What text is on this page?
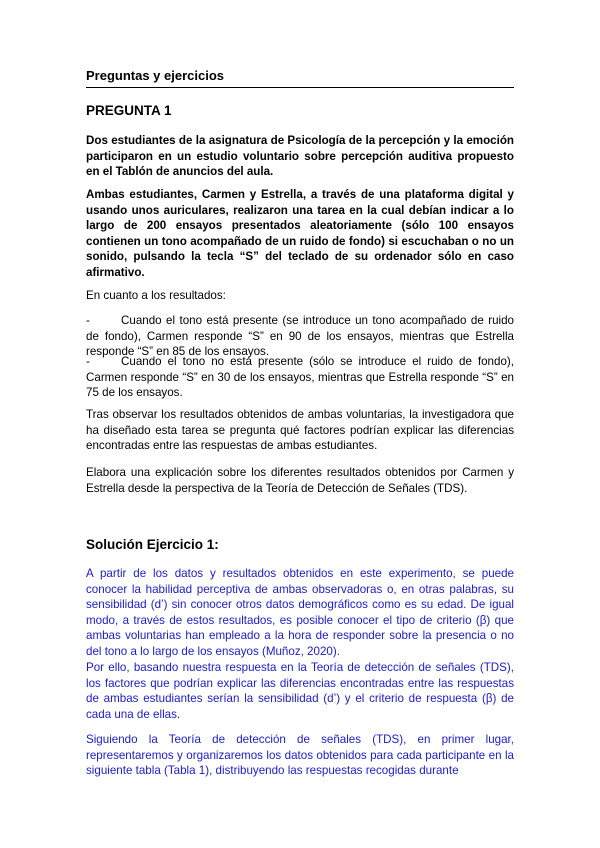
Preguntas y ejercicios
PREGUNTA 1
Dos estudiantes de la asignatura de Psicología de la percepción y la emoción participaron en un estudio voluntario sobre percepción auditiva propuesto en el Tablón de anuncios del aula.
Ambas estudiantes, Carmen y Estrella, a través de una plataforma digital y usando unos auriculares, realizaron una tarea en la cual debían indicar a lo largo de 200 ensayos presentados aleatoriamente (sólo 100 ensayos contienen un tono acompañado de un ruido de fondo) si escuchaban o no un sonido, pulsando la tecla “S” del teclado de su ordenador sólo en caso afirmativo.
En cuanto a los resultados:
-	Cuando el tono está presente (se introduce un tono acompañado de ruido de fondo), Carmen responde “S” en 90 de los ensayos, mientras que Estrella responde “S” en 85 de los ensayos.
-	Cuando el tono no está presente (sólo se introduce el ruido de fondo), Carmen responde “S” en 30 de los ensayos, mientras que Estrella responde “S” en 75 de los ensayos.
Tras observar los resultados obtenidos de ambas voluntarias, la investigadora que ha diseñado esta tarea se pregunta qué factores podrían explicar las diferencias encontradas entre las respuestas de ambas estudiantes.
Elabora una explicación sobre los diferentes resultados obtenidos por Carmen y Estrella desde la perspectiva de la Teoría de Detección de Señales (TDS).
Solución Ejercicio 1:
A partir de los datos y resultados obtenidos en este experimento, se puede conocer la habilidad perceptiva de ambas observadoras o, en otras palabras, su sensibilidad (d’) sin conocer otros datos demográficos como es su edad. De igual modo, a través de estos resultados, es posible conocer el tipo de criterio (β) que ambas voluntarias han empleado a la hora de responder sobre la presencia o no del tono a lo largo de los ensayos (Muñoz, 2020).
Por ello, basando nuestra respuesta en la Teoría de detección de señales (TDS), los factores que podrían explicar las diferencias encontradas entre las respuestas de ambas estudiantes serían la sensibilidad (d’) y el criterio de respuesta (β) de cada una de ellas.
Siguiendo la Teoría de detección de señales (TDS), en primer lugar, representaremos y organizaremos los datos obtenidos para cada participante en la siguiente tabla (Tabla 1), distribuyendo las respuestas recogidas durante
